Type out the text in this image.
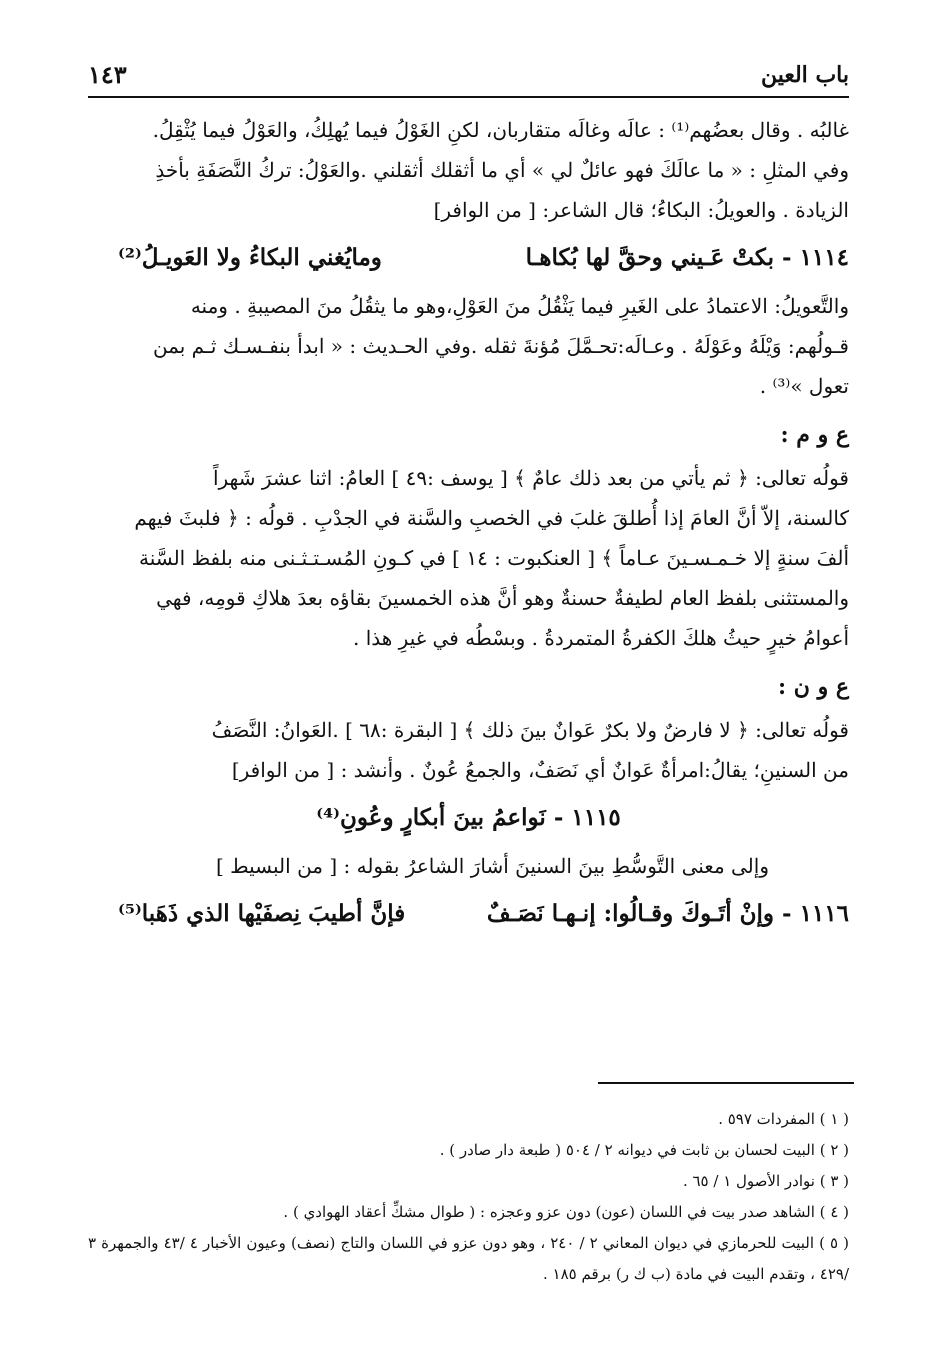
باب العين
١٤٣

غالبُه . وقال بعضُهم⁽¹⁾ : عالَه وغالَه متقاربان، لكنِ الغَوْلُ فيما يُهلِكُ، والعَوْلُ فيما يُثْقِلُ.

وفي المثلِ : « ما عالَكَ فهو عائلٌ لي » أي ما أثقلك أثقلني .والعَوْلُ: تركُ النَّصَفَةِ بأخذِ

الزيادة . والعويلُ: البكاءُ؛ قال الشاعر: [ من الوافر]

١١١٤ - بكتْ عَـيني وحقَّ لها بُكاهـا
ومايُغني البكاءُ ولا العَويـلُ⁽²⁾

والتَّعويلُ: الاعتمادُ على الغَيرِ فيما يَثْقُلُ منَ العَوْلِ،وهو ما يثقُلُ منَ المصيبةِ . ومنه

قـولُهم: وَيْلَهُ وعَوْلَهُ . وعـالَه:تحـمَّلَ مُؤنةَ ثقله .وفي الحـديث : « ابدأ بنفـسـك ثـم بمن

تعول »⁽³⁾ .

ع و م :

قولُه تعالى: ﴿ ثم يأتي من بعد ذلك عامٌ ﴾ [ يوسف :٤٩ ] العامُ: اثنا عشرَ شَهراً

كالسنة، إلاّ أنَّ العامَ إذا أُطلقَ غلبَ في الخصبِ والسَّنة في الجدْبِ . قولُه : ﴿ فلبثَ فيهم

ألفَ سنةٍ إلا خـمـسـينَ عـاماً ﴾ [ العنكبوت : ١٤ ] في كـونِ المُسـتـثـنى منه بلفظ السَّنة

والمستثنى بلفظ العام لطيفةٌ حسنةٌ وهو أنَّ هذه الخمسينَ بقاؤه بعدَ هلاكِ قومِه، فهي

أعوامُ خيرٍ حيثُ هلكَ الكفرةُ المتمردةُ . وبسْطُه في غيرِ هذا .

ع و ن :

قولُه تعالى: ﴿ لا فارضٌ ولا بكرٌ عَوانٌ بينَ ذلك ﴾ [ البقرة :٦٨ ] .العَوانُ: النَّصَفُ

من السنينِ؛ يقالُ:امرأةٌ عَوانٌ أي نَصَفٌ، والجمعُ عُونٌ . وأنشد : [ من الوافر]

١١١٥ - نَواعمُ بينَ أبكارٍ وعُونِ⁽⁴⁾

وإلى معنى التَّوسُّطِ بينَ السنينَ أشارَ الشاعرُ بقوله : [ من البسيط ]

١١١٦ - وإنْ أتَـوكَ وقـالُوا: إنـهـا نَصَـفٌ
فإنَّ أطيبَ نِصفَيْها الذي ذَهَبا⁽⁵⁾

( ١ ) المفردات ٥٩٧ .

( ٢ ) البيت لحسان بن ثابت في ديوانه ٢ / ٥٠٤ ( طبعة دار صادر ) .

( ٣ ) نوادر الأصول ١ / ٦٥ .

( ٤ ) الشاهد صدر بيت في اللسان (عون) دون عزو وعجزه : ( طوال مشكِّ أعقاد الهوادي ) .

( ٥ ) البيت للحرمازي في ديوان المعاني ٢ / ٢٤٠ ، وهو دون عزو في اللسان والتاج (نصف) وعيون الأخبار ٤ /٤٣ والجمهرة ٣ /٤٢٩ ، وتقدم البيت في مادة (ب ك ر) برقم ١٨٥ .
